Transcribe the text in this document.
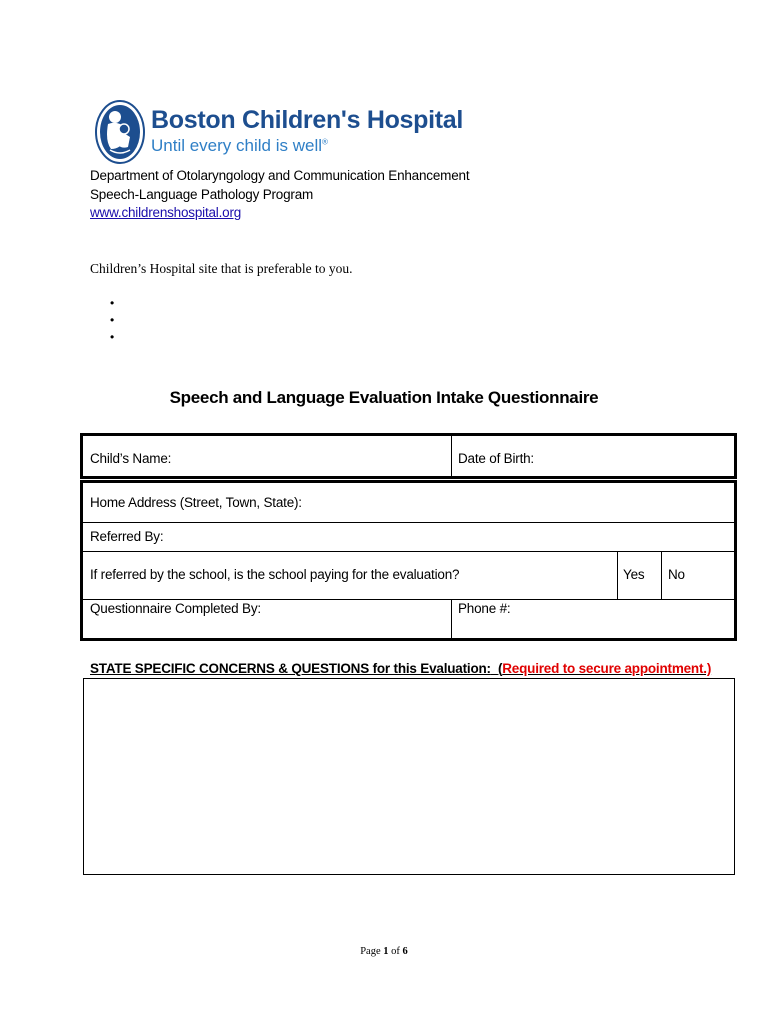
Boston Children's Hospital
Until every child is well®
Department of Otolaryngology and Communication Enhancement
Speech-Language Pathology Program
www.childrenshospital.org
Children’s Hospital site that is preferable to you.
•
•
•
Speech and Language Evaluation Intake Questionnaire
Child’s Name:	Date of Birth:
Home Address (Street, Town, State):
Referred By:
If referred by the school, is the school paying for the evaluation?	Yes No
Questionnaire Completed By:	Phone #:
STATE SPECIFIC CONCERNS & QUESTIONS for this Evaluation: (Required to secure appointment.)
Page 1 of 6
